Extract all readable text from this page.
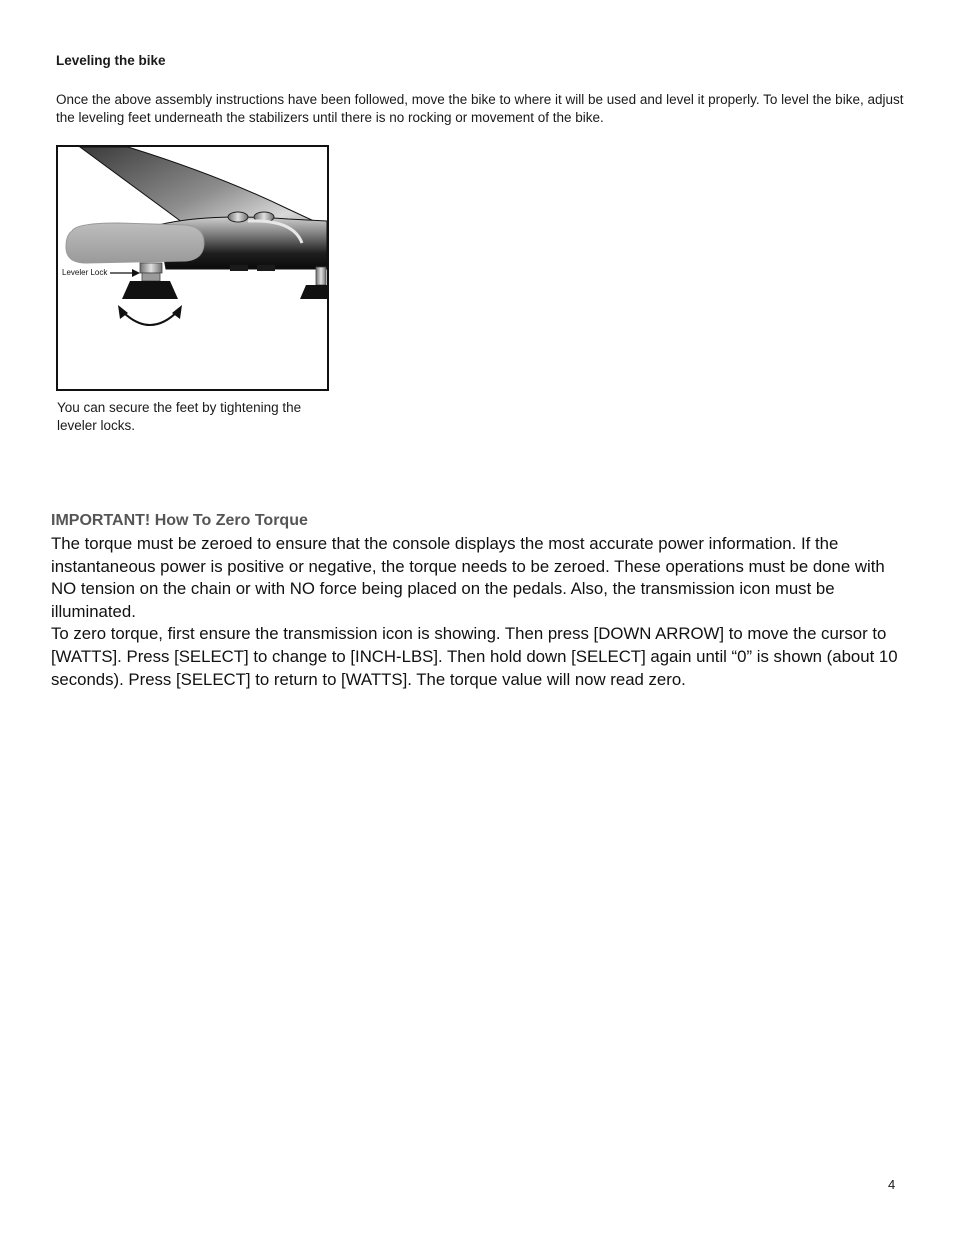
Leveling the bike

Once the above assembly instructions have been followed, move the bike to where it will be used and level it properly. To level the bike, adjust the leveling feet underneath the stabilizers until there is no rocking or movement of the bike.

Leveler Lock

You can secure the feet by tightening the leveler locks.

IMPORTANT! How To Zero Torque

The torque must be zeroed to ensure that the console displays the most accurate power information. If the instantaneous power is positive or negative, the torque needs to be zeroed. These operations must be done with NO tension on the chain or with NO force being placed on the pedals. Also, the transmission icon must be illuminated.

To zero torque, first ensure the transmission icon is showing. Then press [DOWN ARROW] to move the cursor to [WATTS]. Press [SELECT] to change to [INCH-LBS]. Then hold down [SELECT] again until “0” is shown (about 10 seconds). Press [SELECT] to return to [WATTS]. The torque value will now read zero.

4
